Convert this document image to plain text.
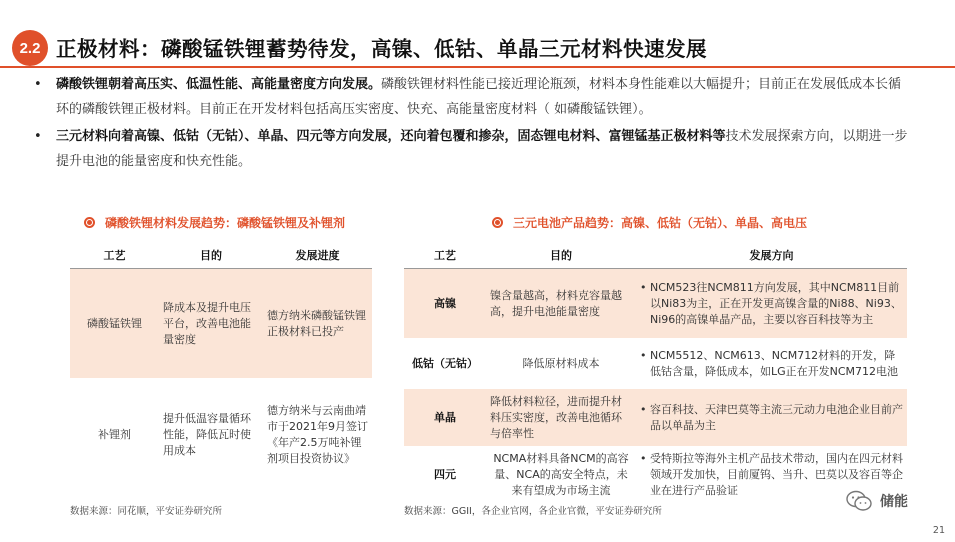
2.2 正极材料：磷酸锰铁锂蓄势待发，高镍、低钴、单晶三元材料快速发展
• 磷酸铁锂朝着高压实、低温性能、高能量密度方向发展。磷酸铁锂材料性能已接近理论瓶颈，材料本身性能难以大幅提升；目前正在发展低成本长循环的磷酸铁锂正极材料。目前正在开发材料包括高压实密度、快充、高能量密度材料（ 如磷酸锰铁锂）。
• 三元材料向着高镍、低钴（无钴）、单晶、四元等方向发展，还向着包覆和掺杂，固态锂电材料、富锂锰基正极材料等技术发展探索方向，以期进一步提升电池的能量密度和快充性能。
磷酸铁锂材料发展趋势：磷酸锰铁锂及补锂剂
工艺	目的	发展进度
磷酸锰铁锂	降成本及提升电压平台，改善电池能量密度	德方纳米磷酸锰铁锂正极材料已投产
补锂剂	提升低温容量循环性能，降低瓦时使用成本	德方纳米与云南曲靖市于2021年9月签订《年产2.5万吨补锂剂项目投资协议》
数据来源：同花顺，平安证券研究所
三元电池产品趋势：高镍、低钴（无钴）、单晶、高电压
工艺	目的	发展方向
高镍	镍含量越高，材料克容量越高，提升电池能量密度	• NCM523往NCM811方向发展，其中NCM811目前以Ni83为主，正在开发更高镍含量的Ni88、Ni93、Ni96的高镍单晶产品，主要以容百科技等为主

低钴（无钴）	降低原材料成本	• NCM5512、NCM613、NCM712材料的开发，降低钴含量，降低成本，如LG正在开发NCM712电池

单晶	降低材料粒径，进而提升材料压实密度，改善电池循环与倍率性	• 容百科技、天津巴莫等主流三元动力电池企业目前产品以单晶为主

四元	NCMA材料具备NCM的高容量、NCA的高安全特点，未来有望成为市场主流	• 受特斯拉等海外主机产品技术带动，国内在四元材料领域开发加快，目前厦钨、当升、巴莫以及容百等企业在进行产品验证
数据来源：GGII，各企业官网，各企业官微，平安证券研究所
储能
21
